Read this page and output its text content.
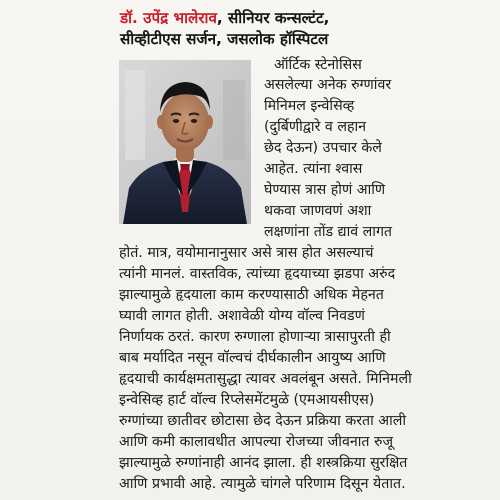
डॉ. उपेंद्र भालेराव, सीनियर कन्सल्टंट,
सीव्हीटीएस सर्जन, जसलोक हॉस्पिटल
ऑर्टिक स्टेनोसिस
असलेल्या अनेक रुग्णांवर
मिनिमल इन्वेसिव्ह
(दुर्बिणीद्वारे व लहान
छेद देऊन) उपचार केले
आहेत. त्यांना श्वास
घेण्यास त्रास होणं आणि
थकवा जाणवणं अशा
लक्षणांना तोंड द्यावं लागत
होतं. मात्र, वयोमानानुसार असे त्रास होत असल्याचं
त्यांनी मानलं. वास्तविक, त्यांच्या हृदयाच्या झडपा अरुंद
झाल्यामुळे हृदयाला काम करण्यासाठी अधिक मेहनत
घ्यावी लागत होती. अशावेळी योग्य वॉल्व निवडणं
निर्णायक ठरतं. कारण रुग्णाला होणाऱ्या त्रासापुरती ही
बाब मर्यादित नसून वॉल्वचं दीर्घकालीन आयुष्य आणि
हृदयाची कार्यक्षमतासुद्धा त्यावर अवलंबून असते. मिनिमली
इन्वेसिव्ह हार्ट वॉल्व रिप्लेसमेंटमुळे (एमआयसीएस)
रुग्णांच्या छातीवर छोटासा छेद देऊन प्रक्रिया करता आली
आणि कमी कालावधीत आपल्या रोजच्या जीवनात रुजू
झाल्यामुळे रुग्णांनाही आनंद झाला. ही शस्त्रक्रिया सुरक्षित
आणि प्रभावी आहे. त्यामुळे चांगले परिणाम दिसून येतात.
